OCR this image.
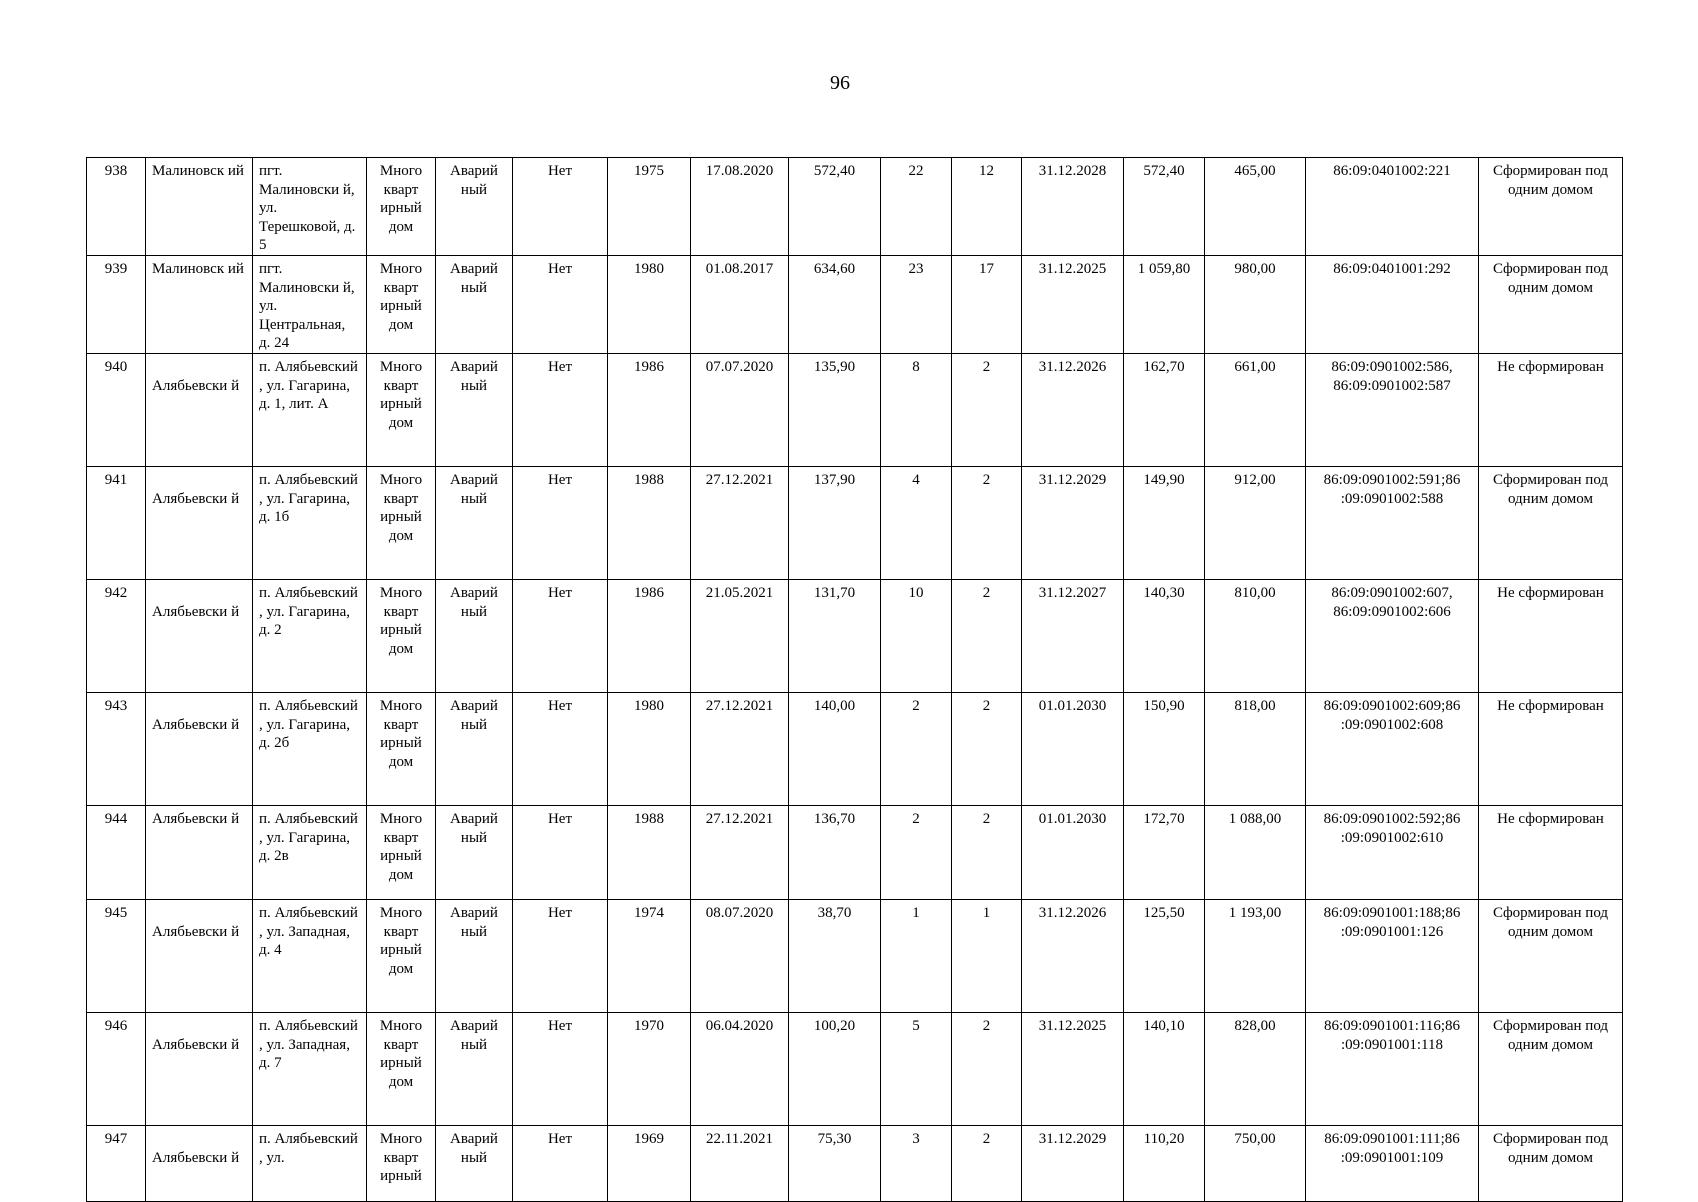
96
938	Малиновск ий	пгт. Малиновски й, ул. Терешковой, д. 5	Много кварт ирный дом	Аварий ный	Нет	1975	17.08.2020	572,40	22	12	31.12.2028	572,40	465,00	86:09:0401002:221	Сформирован под одним домом
939	Малиновск ий	пгт. Малиновски й, ул. Центральная, д. 24	Много кварт ирный дом	Аварий ный	Нет	1980	01.08.2017	634,60	23	17	31.12.2025	1 059,80	980,00	86:09:0401001:292	Сформирован под одним домом
940	Алябьевски й	п. Алябьевский , ул. Гагарина, д. 1, лит. А	Много кварт ирный дом	Аварий ный	Нет	1986	07.07.2020	135,90	8	2	31.12.2026	162,70	661,00	86:09:0901002:586, 86:09:0901002:587	Не сформирован
941	Алябьевски й	п. Алябьевский , ул. Гагарина, д. 1б	Много кварт ирный дом	Аварий ный	Нет	1988	27.12.2021	137,90	4	2	31.12.2029	149,90	912,00	86:09:0901002:591;86 :09:0901002:588	Сформирован под одним домом
942	Алябьевски й	п. Алябьевский , ул. Гагарина, д. 2	Много кварт ирный дом	Аварий ный	Нет	1986	21.05.2021	131,70	10	2	31.12.2027	140,30	810,00	86:09:0901002:607, 86:09:0901002:606	Не сформирован
943	Алябьевски й	п. Алябьевский , ул. Гагарина, д. 2б	Много кварт ирный дом	Аварий ный	Нет	1980	27.12.2021	140,00	2	2	01.01.2030	150,90	818,00	86:09:0901002:609;86 :09:0901002:608	Не сформирован
944	Алябьевски й	п. Алябьевский , ул. Гагарина, д. 2в	Много кварт ирный дом	Аварий ный	Нет	1988	27.12.2021	136,70	2	2	01.01.2030	172,70	1 088,00	86:09:0901002:592;86 :09:0901002:610	Не сформирован
945	Алябьевски й	п. Алябьевский , ул. Западная, д. 4	Много кварт ирный дом	Аварий ный	Нет	1974	08.07.2020	38,70	1	1	31.12.2026	125,50	1 193,00	86:09:0901001:188;86 :09:0901001:126	Сформирован под одним домом
946	Алябьевски й	п. Алябьевский , ул. Западная, д. 7	Много кварт ирный дом	Аварий ный	Нет	1970	06.04.2020	100,20	5	2	31.12.2025	140,10	828,00	86:09:0901001:116;86 :09:0901001:118	Сформирован под одним домом
947	Алябьевски й	п. Алябьевский , ул.	Много кварт ирный	Аварий ный	Нет	1969	22.11.2021	75,30	3	2	31.12.2029	110,20	750,00	86:09:0901001:111;86 :09:0901001:109	Сформирован под одним домом
